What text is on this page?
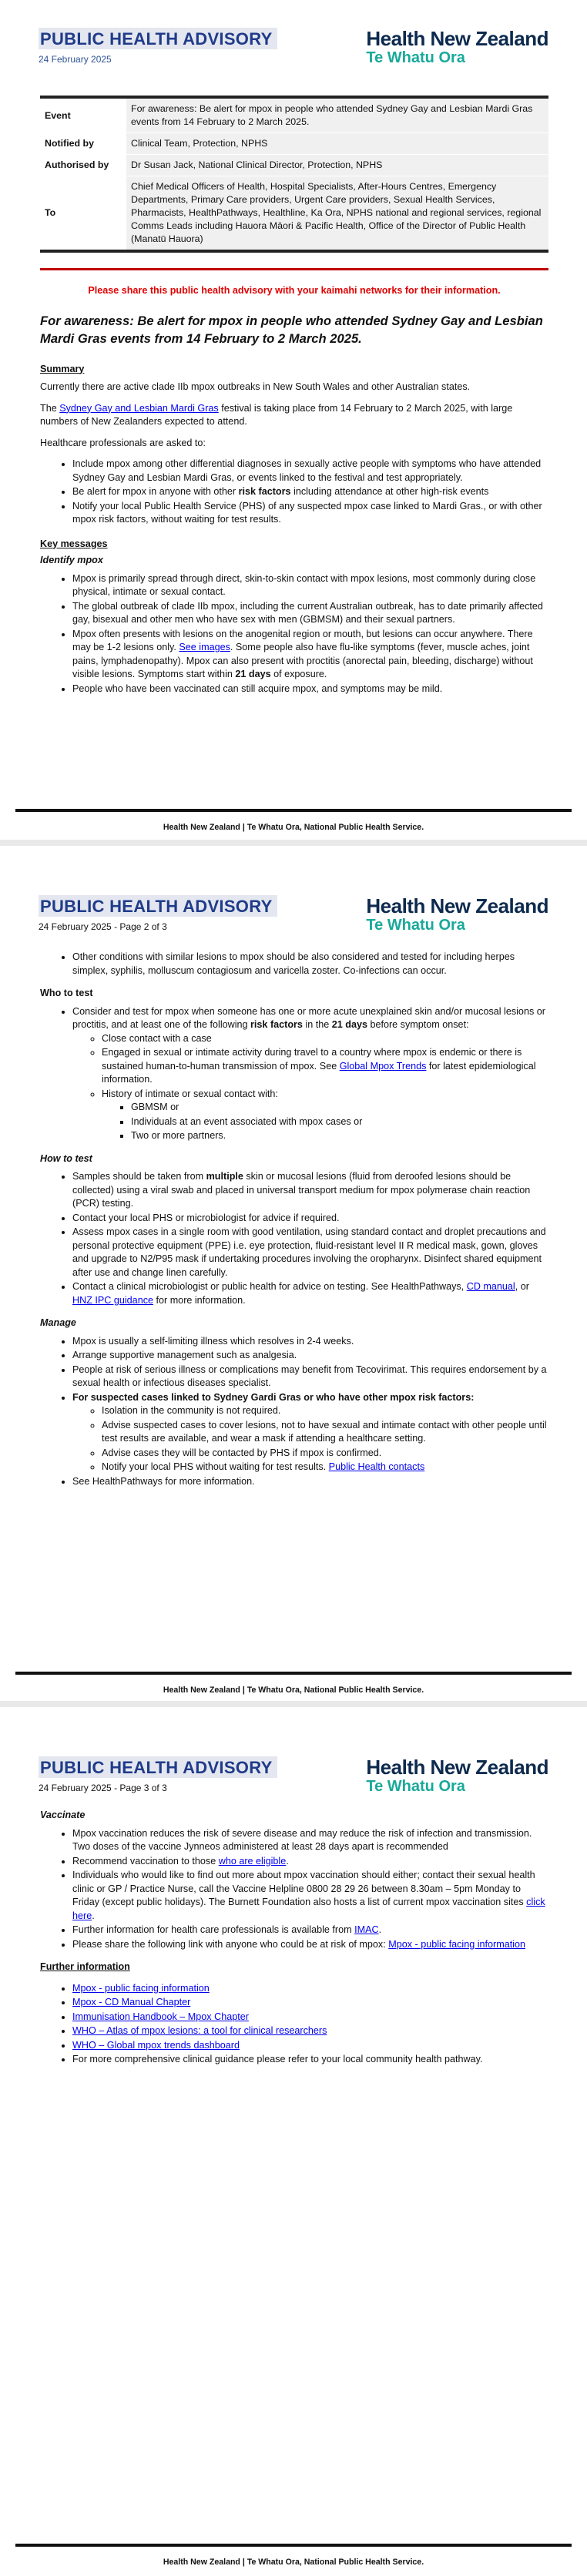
PUBLIC HEALTH ADVISORY
24 February 2025
Health New Zealand
Te Whatu Ora
Event	For awareness: Be alert for mpox in people who attended Sydney Gay and Lesbian Mardi Gras events from 14 February to 2 March 2025.
Notified by	Clinical Team, Protection, NPHS
Authorised by	Dr Susan Jack, National Clinical Director, Protection, NPHS
To	Chief Medical Officers of Health, Hospital Specialists, After-Hours Centres, Emergency Departments, Primary Care providers, Urgent Care providers, Sexual Health Services, Pharmacists, HealthPathways, Healthline, Ka Ora, NPHS national and regional services, regional Comms Leads including Hauora Māori & Pacific Health, Office of the Director of Public Health (Manatū Hauora)
Please share this public health advisory with your kaimahi networks for their information.
For awareness: Be alert for mpox in people who attended Sydney Gay and Lesbian Mardi Gras events from 14 February to 2 March 2025.
Summary

Currently there are active clade IIb mpox outbreaks in New South Wales and other Australian states.

The Sydney Gay and Lesbian Mardi Gras festival is taking place from 14 February to 2 March 2025, with large numbers of New Zealanders expected to attend.

Healthcare professionals are asked to:

• Include mpox among other differential diagnoses in sexually active people with symptoms who have attended Sydney Gay and Lesbian Mardi Gras, or events linked to the festival and test appropriately.
• Be alert for mpox in anyone with other risk factors including attendance at other high-risk events
• Notify your local Public Health Service (PHS) of any suspected mpox case linked to Mardi Gras., or with other mpox risk factors, without waiting for test results.
Key messages
Identify mpox
• Mpox is primarily spread through direct, skin-to-skin contact with mpox lesions, most commonly during close physical, intimate or sexual contact.
• The global outbreak of clade IIb mpox, including the current Australian outbreak, has to date primarily affected gay, bisexual and other men who have sex with men (GBMSM) and their sexual partners.
• Mpox often presents with lesions on the anogenital region or mouth, but lesions can occur anywhere. There may be 1-2 lesions only. See images. Some people also have flu-like symptoms (fever, muscle aches, joint pains, lymphadenopathy). Mpox can also present with proctitis (anorectal pain, bleeding, discharge) without visible lesions. Symptoms start within 21 days of exposure.
• People who have been vaccinated can still acquire mpox, and symptoms may be mild.
Health New Zealand | Te Whatu Ora, National Public Health Service.
PUBLIC HEALTH ADVISORY
24 February 2025 - Page 2 of 3
Health New Zealand
Te Whatu Ora
• Other conditions with similar lesions to mpox should be also considered and tested for including herpes simplex, syphilis, molluscum contagiosum and varicella zoster. Co-infections can occur.
Who to test
• Consider and test for mpox when someone has one or more acute unexplained skin and/or mucosal lesions or proctitis, and at least one of the following risk factors in the 21 days before symptom onset:
◦ Close contact with a case
◦ Engaged in sexual or intimate activity during travel to a country where mpox is endemic or there is sustained human-to-human transmission of mpox. See Global Mpox Trends for latest epidemiological information.
◦ History of intimate or sexual contact with:
▪ GBMSM or
▪ Individuals at an event associated with mpox cases or
▪ Two or more partners.
How to test
• Samples should be taken from multiple skin or mucosal lesions (fluid from deroofed lesions should be collected) using a viral swab and placed in universal transport medium for mpox polymerase chain reaction (PCR) testing.
• Contact your local PHS or microbiologist for advice if required.
• Assess mpox cases in a single room with good ventilation, using standard contact and droplet precautions and personal protective equipment (PPE) i.e. eye protection, fluid-resistant level II R medical mask, gown, gloves and upgrade to N2/P95 mask if undertaking procedures involving the oropharynx. Disinfect shared equipment after use and change linen carefully.
• Contact a clinical microbiologist or public health for advice on testing. See HealthPathways, CD manual, or HNZ IPC guidance for more information.
Manage
• Mpox is usually a self-limiting illness which resolves in 2-4 weeks.
• Arrange supportive management such as analgesia.
• People at risk of serious illness or complications may benefit from Tecovirimat. This requires endorsement by a sexual health or infectious diseases specialist.
• For suspected cases linked to Sydney Gardi Gras or who have other mpox risk factors:
◦ Isolation in the community is not required.
◦ Advise suspected cases to cover lesions, not to have sexual and intimate contact with other people until test results are available, and wear a mask if attending a healthcare setting.
◦ Advise cases they will be contacted by PHS if mpox is confirmed.
◦ Notify your local PHS without waiting for test results. Public Health contacts
• See HealthPathways for more information.
Health New Zealand | Te Whatu Ora, National Public Health Service.
PUBLIC HEALTH ADVISORY
24 February 2025 - Page 3 of 3
Health New Zealand
Te Whatu Ora
Vaccinate
• Mpox vaccination reduces the risk of severe disease and may reduce the risk of infection and transmission. Two doses of the vaccine Jynneos administered at least 28 days apart is recommended
• Recommend vaccination to those who are eligible.
• Individuals who would like to find out more about mpox vaccination should either; contact their sexual health clinic or GP / Practice Nurse, call the Vaccine Helpline 0800 28 29 26 between 8.30am – 5pm Monday to Friday (except public holidays). The Burnett Foundation also hosts a list of current mpox vaccination sites click here.
• Further information for health care professionals is available from IMAC.
• Please share the following link with anyone who could be at risk of mpox: Mpox - public facing information
Further information
• Mpox - public facing information
• Mpox - CD Manual Chapter
• Immunisation Handbook – Mpox Chapter
• WHO – Atlas of mpox lesions: a tool for clinical researchers
• WHO – Global mpox trends dashboard
• For more comprehensive clinical guidance please refer to your local community health pathway.
Health New Zealand | Te Whatu Ora, National Public Health Service.
